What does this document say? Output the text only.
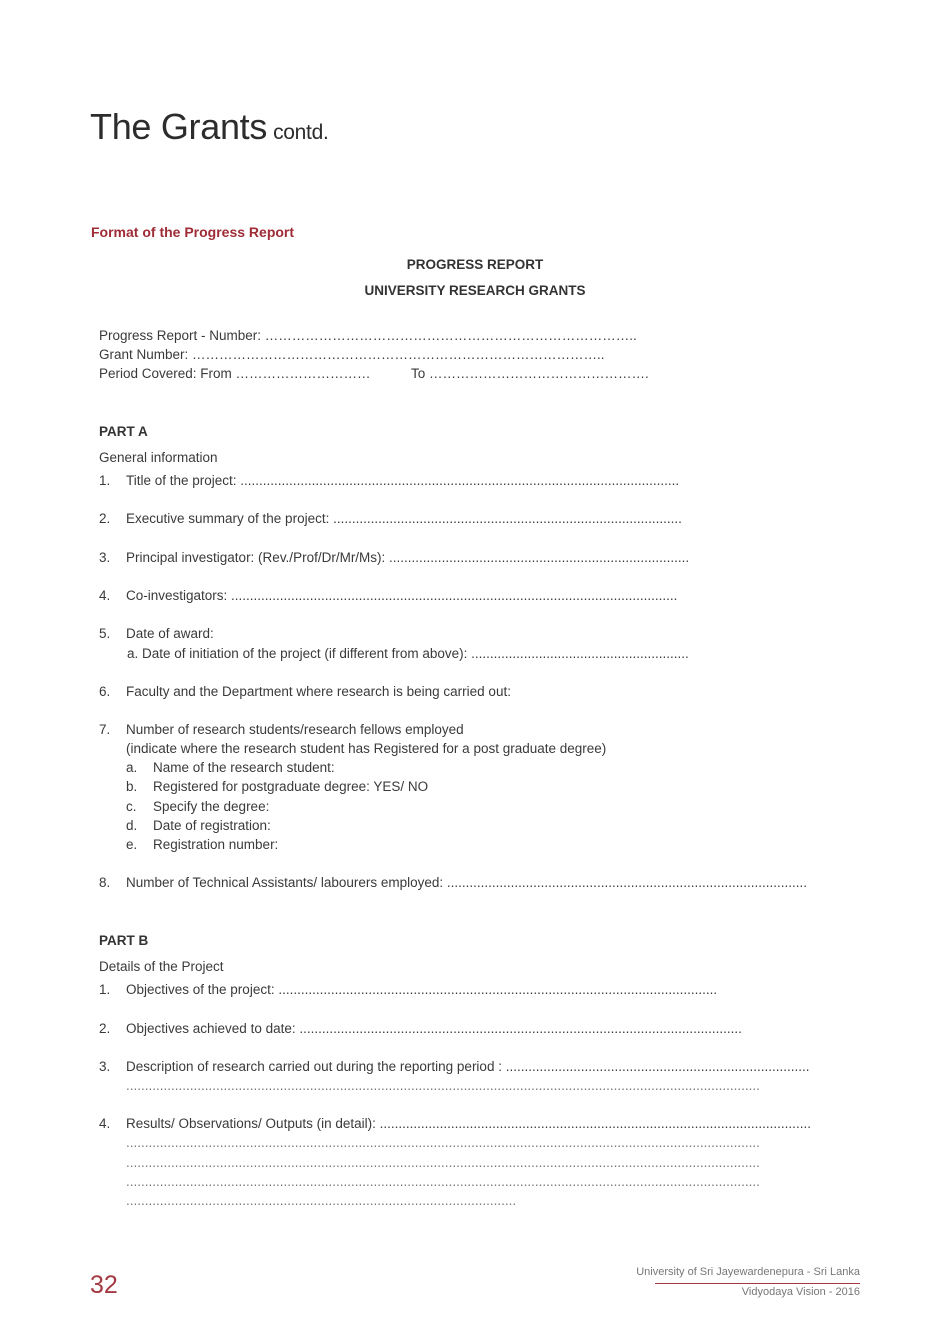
The Grants contd.
Format of the Progress Report
PROGRESS REPORT
UNIVERSITY RESEARCH GRANTS
Progress Report - Number: ………………………………………………………………………..
Grant Number: ………………………………………………………………………………..
Period Covered: From …………………………	To ………………………………………….
PART A
General information
1. Title of the project: .....................................................................................................................
2. Executive summary of the project: .............................................................................................
3. Principal investigator: (Rev./Prof/Dr/Mr/Ms): ................................................................................
4. Co-investigators: .......................................................................................................................
5. Date of award:
a. Date of initiation of the project (if different from above): ..........................................................
6. Faculty and the Department where research is being carried out:
7. Number of research students/research fellows employed
(indicate where the research student has Registered for a post graduate degree)
a. Name of the research student:
b. Registered for postgraduate degree: YES/ NO
c. Specify the degree:
d. Date of registration:
e. Registration number:
8. Number of Technical Assistants/ labourers employed: ................................................................................................
PART B
Details of the Project
1. Objectives of the project: .....................................................................................................................
2. Objectives achieved to date: ......................................................................................................................
3. Description of research carried out during the reporting period : .................................................................................
.........................................................................................................................................................................
4. Results/ Observations/ Outputs (in detail): ...................................................................................................................
.........................................................................................................................................................................
.........................................................................................................................................................................
.........................................................................................................................................................................
........................................................................................................
32	University of Sri Jayewardenepura - Sri Lanka
Vidyodaya Vision - 2016
